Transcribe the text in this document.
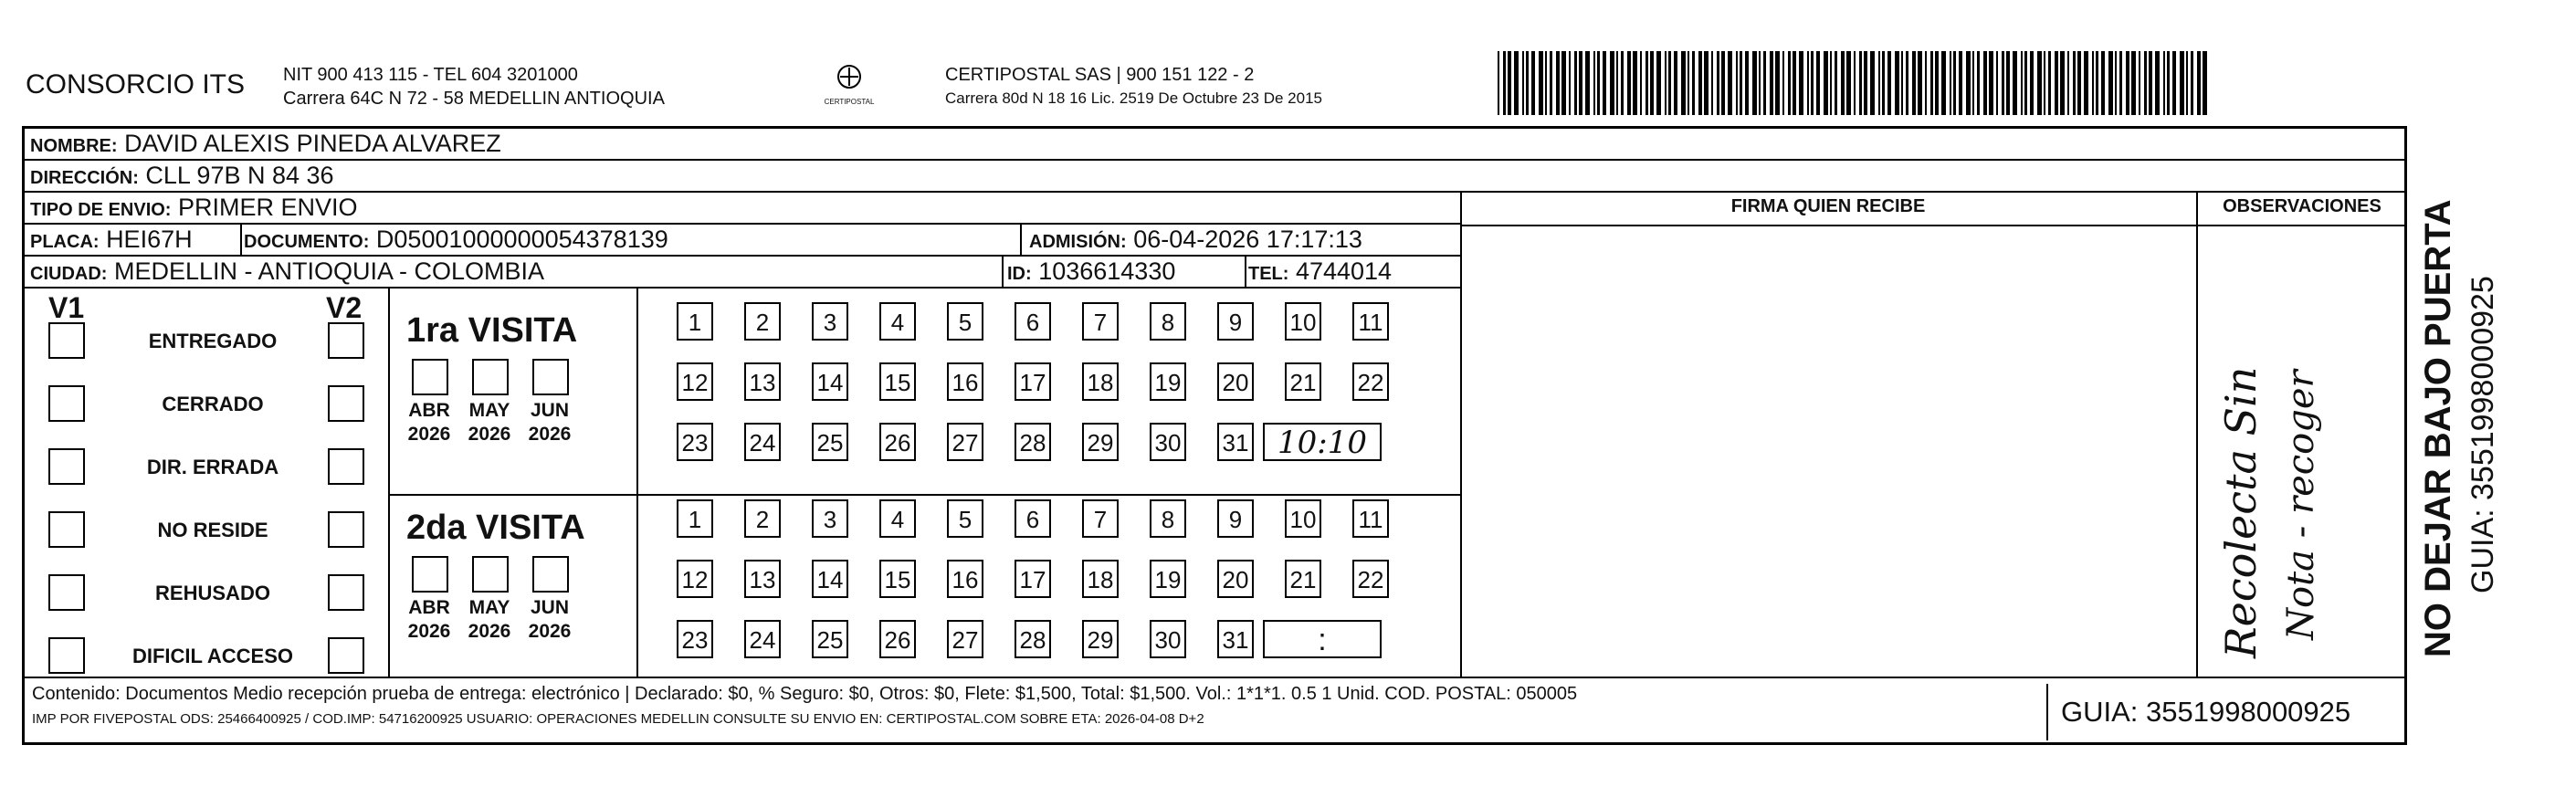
CONSORCIO ITS NIT 900 413 115 - TEL 604 3201000
Carrera 64C N 72 - 58 MEDELLIN ANTIOQUIA	CERTIPOSTAL
CERTIPOSTAL SAS | 900 151 122 - 2
Carrera 80d N 18 16 Lic. 2519 De Octubre 23 De 2015
NOMBRE: DAVID ALEXIS PINEDA ALVAREZ
DIRECCIÓN: CLL 97B N 84 36
TIPO DE ENVIO: PRIMER ENVIO
PLACA: HEI67H	DOCUMENTO: D05001000000054378139	ADMISIÓN: 06-04-2026 17:17:13
CIUDAD: MEDELLIN - ANTIOQUIA - COLOMBIA	ID: 1036614330	TEL: 4744014
FIRMA QUIEN RECIBE	OBSERVACIONES
Recolecta Sin Nota - recoger
V1	V2
ENTREGADO
CERRADO
DIR. ERRADA
NO RESIDE
REHUSADO
DIFICIL ACCESO
1ra VISITA
2da VISITA
ABR
2026
MAY
2026
JUN
2026
ABR
2026
MAY
2026
JUN
2026
1	2	3	4	5	6	7	8	9	10 11
12 13 14 15 16 17 18 19 20 21 22
23 24 25 26 27 28 29 30 31 10:10
1	2	3	4	5	6	7	8	9	10 11
12 13 14 15 16 17 18 19 20 21 22
23 24 25 26 27 28 29 30 31	:
Contenido: Documentos Medio recepción prueba de entrega: electrónico | Declarado: $0, % Seguro: $0, Otros: $0, Flete: $1,500, Total: $1,500. Vol.: 1*1*1. 0.5 1 Unid. COD. POSTAL: 050005
IMP POR FIVEPOSTAL ODS: 25466400925 / COD.IMP: 54716200925 USUARIO: OPERACIONES MEDELLIN CONSULTE SU ENVIO EN: CERTIPOSTAL.COM SOBRE ETA: 2026-04-08 D+2	GUIA: 3551998000925
NO DEJAR BAJO PUERTA GUIA: 3551998000925
